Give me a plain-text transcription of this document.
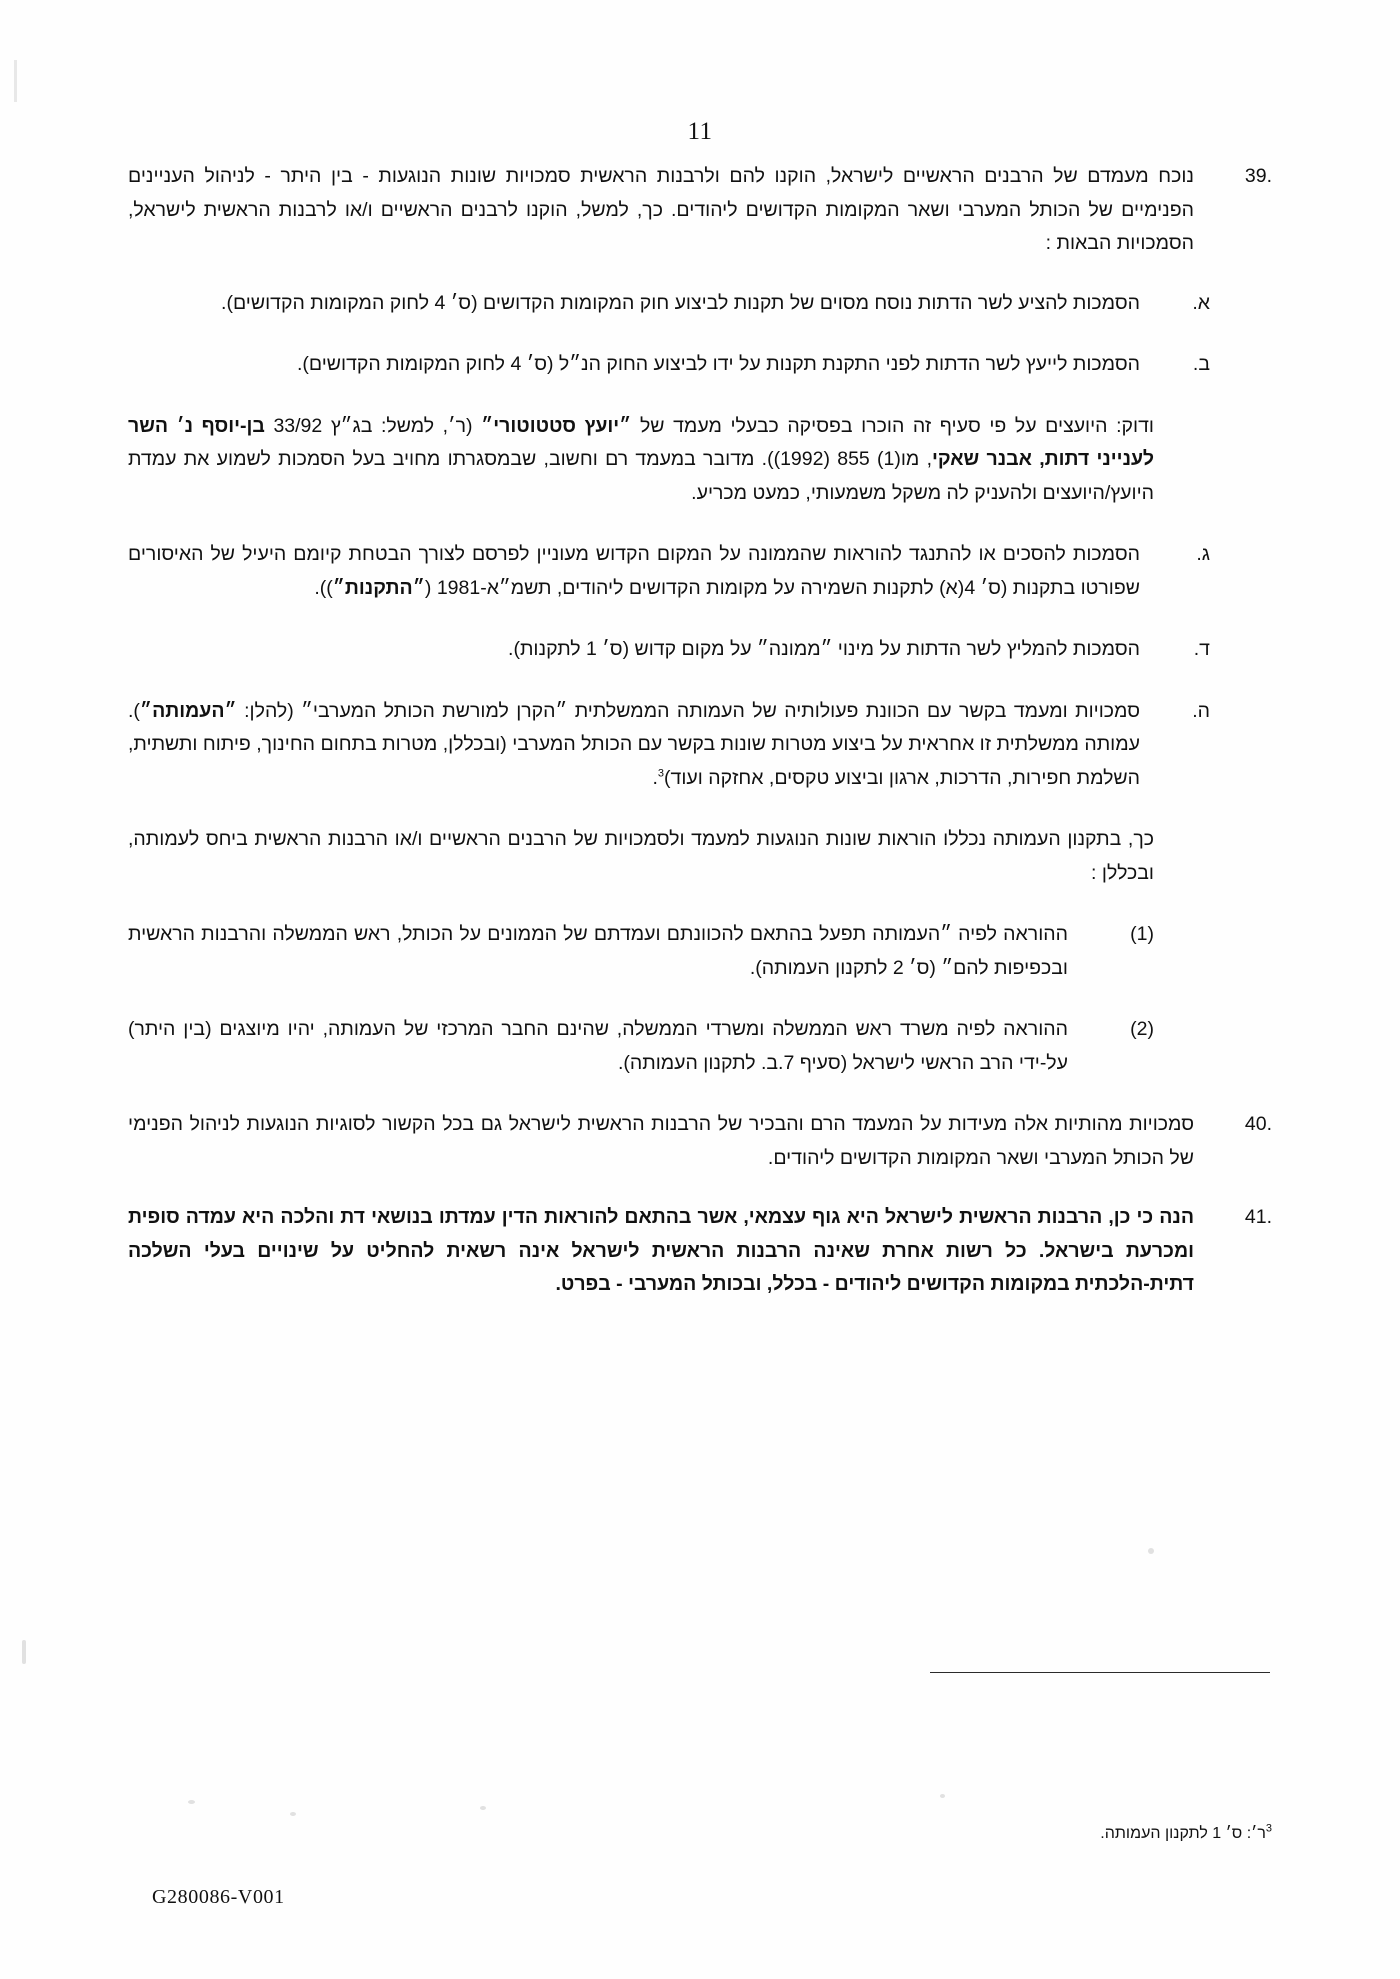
11
39.
נוכח מעמדם של הרבנים הראשיים לישראל, הוקנו להם ולרבנות הראשית סמכויות שונות הנוגעות - בין היתר - לניהול העניינים הפנימיים של הכותל המערבי ושאר המקומות הקדושים ליהודים. כך, למשל, הוקנו לרבנים הראשיים ו/או לרבנות הראשית לישראל, הסמכויות הבאות :
א.
הסמכות להציע לשר הדתות נוסח מסוים של תקנות לביצוע חוק המקומות הקדושים (ס׳ 4 לחוק המקומות הקדושים).
ב.
הסמכות לייעץ לשר הדתות לפני התקנת תקנות על ידו לביצוע החוק הנ״ל (ס׳ 4 לחוק המקומות הקדושים).
ודוק: היועצים על פי סעיף זה הוכרו בפסיקה כבעלי מעמד של ״יועץ סטטוטורי״ (ר׳, למשל: בג״ץ 33/92 בן-יוסף נ׳ השר לענייני דתות, אבנר שאקי, מו(1) 855 (1992)). מדובר במעמד רם וחשוב, שבמסגרתו מחויב בעל הסמכות לשמוע את עמדת היועץ/היועצים ולהעניק לה משקל משמעותי, כמעט מכריע.
ג.
הסמכות להסכים או להתנגד להוראות שהממונה על המקום הקדוש מעוניין לפרסם לצורך הבטחת קיומם היעיל של האיסורים שפורטו בתקנות (ס׳ 4(א) לתקנות השמירה על מקומות הקדושים ליהודים, תשמ״א-1981 (״התקנות״)).
ד.
הסמכות להמליץ לשר הדתות על מינוי ״ממונה״ על מקום קדוש (ס׳ 1 לתקנות).
ה.
סמכויות ומעמד בקשר עם הכוונת פעולותיה של העמותה הממשלתית ״הקרן למורשת הכותל המערבי״ (להלן: ״העמותה״). עמותה ממשלתית זו אחראית על ביצוע מטרות שונות בקשר עם הכותל המערבי (ובכללן, מטרות בתחום החינוך, פיתוח ותשתית, השלמת חפירות, הדרכות, ארגון וביצוע טקסים, אחזקה ועוד)$^3$.
כך, בתקנון העמותה נכללו הוראות שונות הנוגעות למעמד ולסמכויות של הרבנים הראשיים ו/או הרבנות הראשית ביחס לעמותה, ובכללן :
(1)
ההוראה לפיה ״העמותה תפעל בהתאם להכוונתם ועמדתם של הממונים על הכותל, ראש הממשלה והרבנות הראשית ובכפיפות להם״ (ס׳ 2 לתקנון העמותה).
(2)
ההוראה לפיה משרד ראש הממשלה ומשרדי הממשלה, שהינם החבר המרכזי של העמותה, יהיו מיוצגים (בין היתר) על-ידי הרב הראשי לישראל (סעיף 7.ב. לתקנון העמותה).
40.
סמכויות מהותיות אלה מעידות על המעמד הרם והבכיר של הרבנות הראשית לישראל גם בכל הקשור לסוגיות הנוגעות לניהול הפנימי של הכותל המערבי ושאר המקומות הקדושים ליהודים.
41.
הנה כי כן, הרבנות הראשית לישראל היא גוף עצמאי, אשר בהתאם להוראות הדין עמדתו בנושאי דת והלכה היא עמדה סופית ומכרעת בישראל. כל רשות אחרת שאינה הרבנות הראשית לישראל אינה רשאית להחליט על שינויים בעלי השלכה דתית-הלכתית במקומות הקדושים ליהודים - בכלל, ובכותל המערבי - בפרט.
$^3$ר׳: ס׳ 1 לתקנון העמותה.
G280086-V001
